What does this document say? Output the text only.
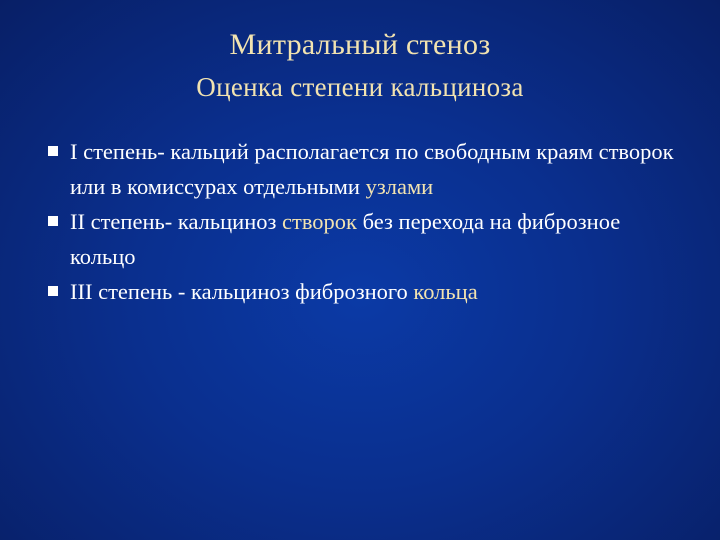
Митральный стеноз
Оценка степени кальциноза
I степень- кальций располагается по свободным краям створок или в комиссурах отдельными узлами
II степень- кальциноз створок без перехода на фиброзное кольцо
III степень - кальциноз фиброзного кольца
